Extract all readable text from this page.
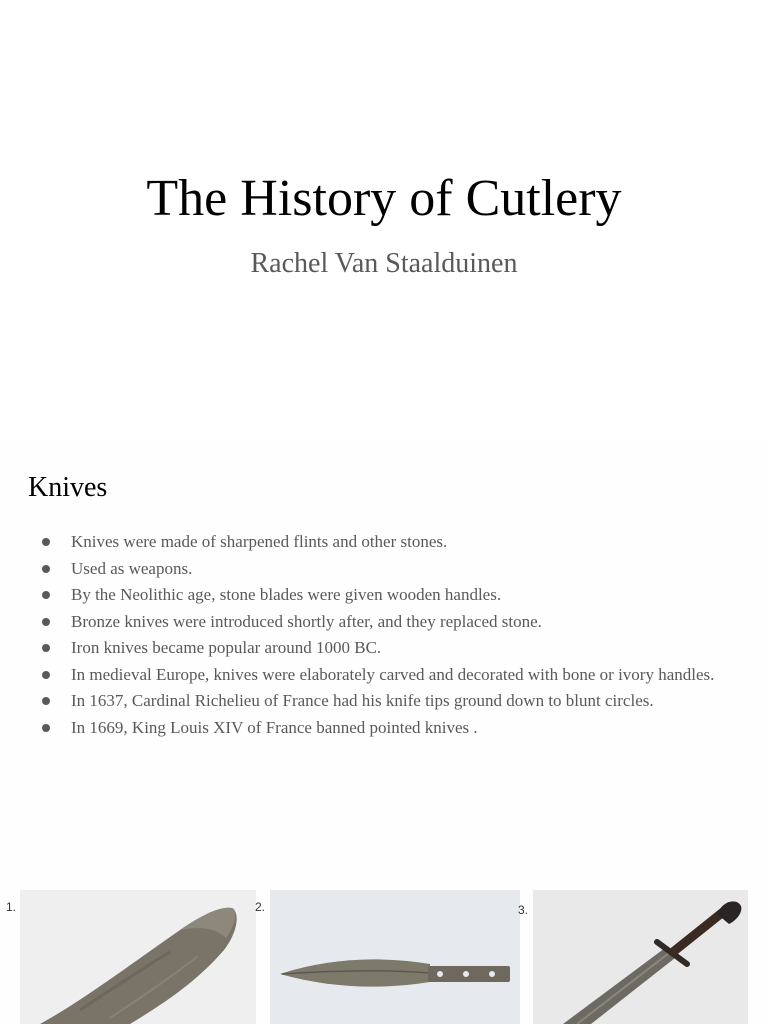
The History of Cutlery
Rachel Van Staalduinen
Knives
Knives were made of sharpened flints and other stones.
Used as weapons.
By the Neolithic age, stone blades were given wooden handles.
Bronze knives were introduced shortly after, and they replaced stone.
Iron knives became popular around 1000 BC.
In medieval Europe, knives were elaborately carved and decorated with bone or ivory handles.
In 1637, Cardinal Richelieu of France had his knife tips ground down to blunt circles.
In 1669, King Louis XIV of France banned pointed knives .
1.	2.	3.
